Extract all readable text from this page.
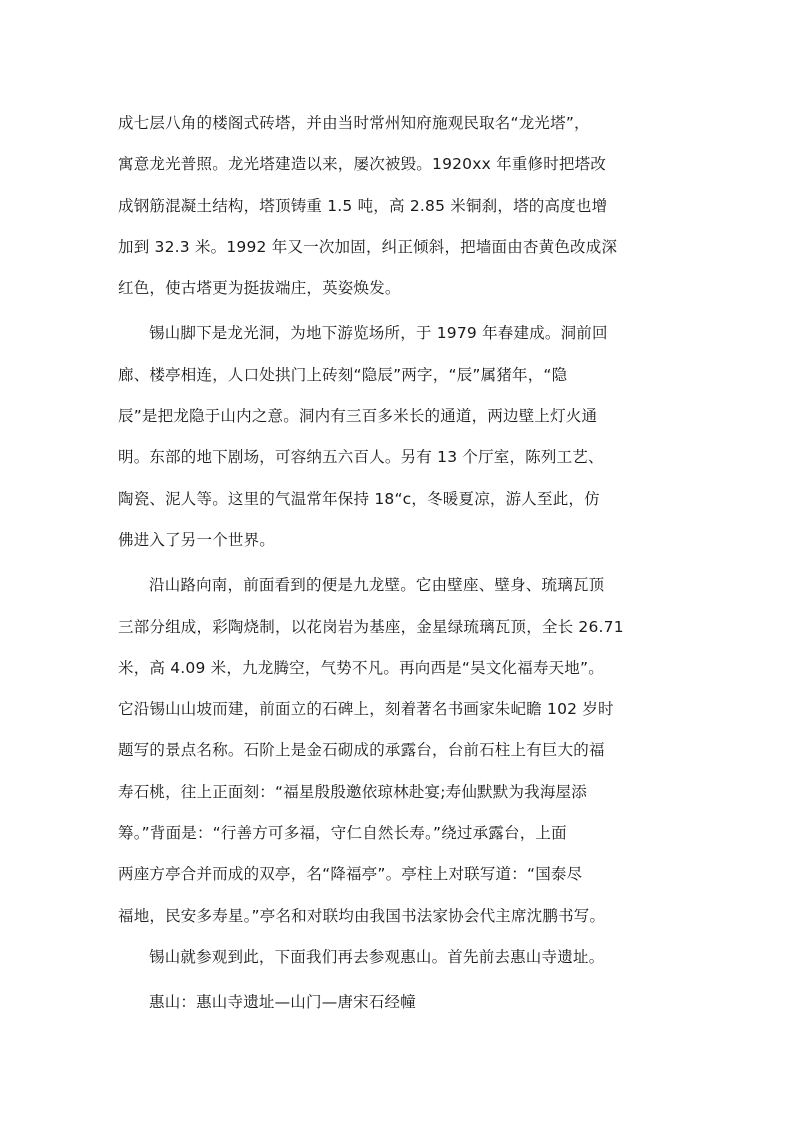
成七层八角的楼阁式砖塔，并由当时常州知府施观民取名“龙光塔”，
寓意龙光普照。龙光塔建造以来，屡次被毁。1920xx 年重修时把塔改
成钢筋混凝土结构，塔顶铸重 1.5 吨，高 2.85 米铜刹，塔的高度也增
加到 32.3 米。1992 年又一次加固，纠正倾斜，把墙面由杏黄色改成深
红色，使古塔更为挺拔端庄，英姿焕发。
锡山脚下是龙光洞，为地下游览场所，于 1979 年春建成。洞前回
廊、楼亭相连，人口处拱门上砖刻“隐辰”两字，“辰”属猪年，“隐
辰”是把龙隐于山内之意。洞内有三百多米长的通道，两边壁上灯火通
明。东部的地下剧场，可容纳五六百人。另有 13 个厅室，陈列工艺、
陶瓷、泥人等。这里的气温常年保持 18“c，冬暖夏凉，游人至此，仿
佛进入了另一个世界。
沿山路向南，前面看到的便是九龙壁。它由壁座、壁身、琉璃瓦顶
三部分组成，彩陶烧制，以花岗岩为基座，金星绿琉璃瓦顶，全长 26.71
米，高 4.09 米，九龙腾空，气势不凡。再向西是“吴文化福寿天地”。
它沿锡山山坡而建，前面立的石碑上，刻着著名书画家朱屺瞻 102 岁时
题写的景点名称。石阶上是金石砌成的承露台，台前石柱上有巨大的福
寿石桃，往上正面刻：“福星殷殷邀依琼林赴宴;寿仙默默为我海屋添
筹。”背面是：“行善方可多福，守仁自然长寿。”绕过承露台，上面
两座方亭合并而成的双亭，名“降福亭”。亭柱上对联写道：“国泰尽
福地，民安多寿星。”亭名和对联均由我国书法家协会代主席沈鹏书写。
锡山就参观到此，下面我们再去参观惠山。首先前去惠山寺遗址。
惠山：惠山寺遗址—山门—唐宋石经幢
